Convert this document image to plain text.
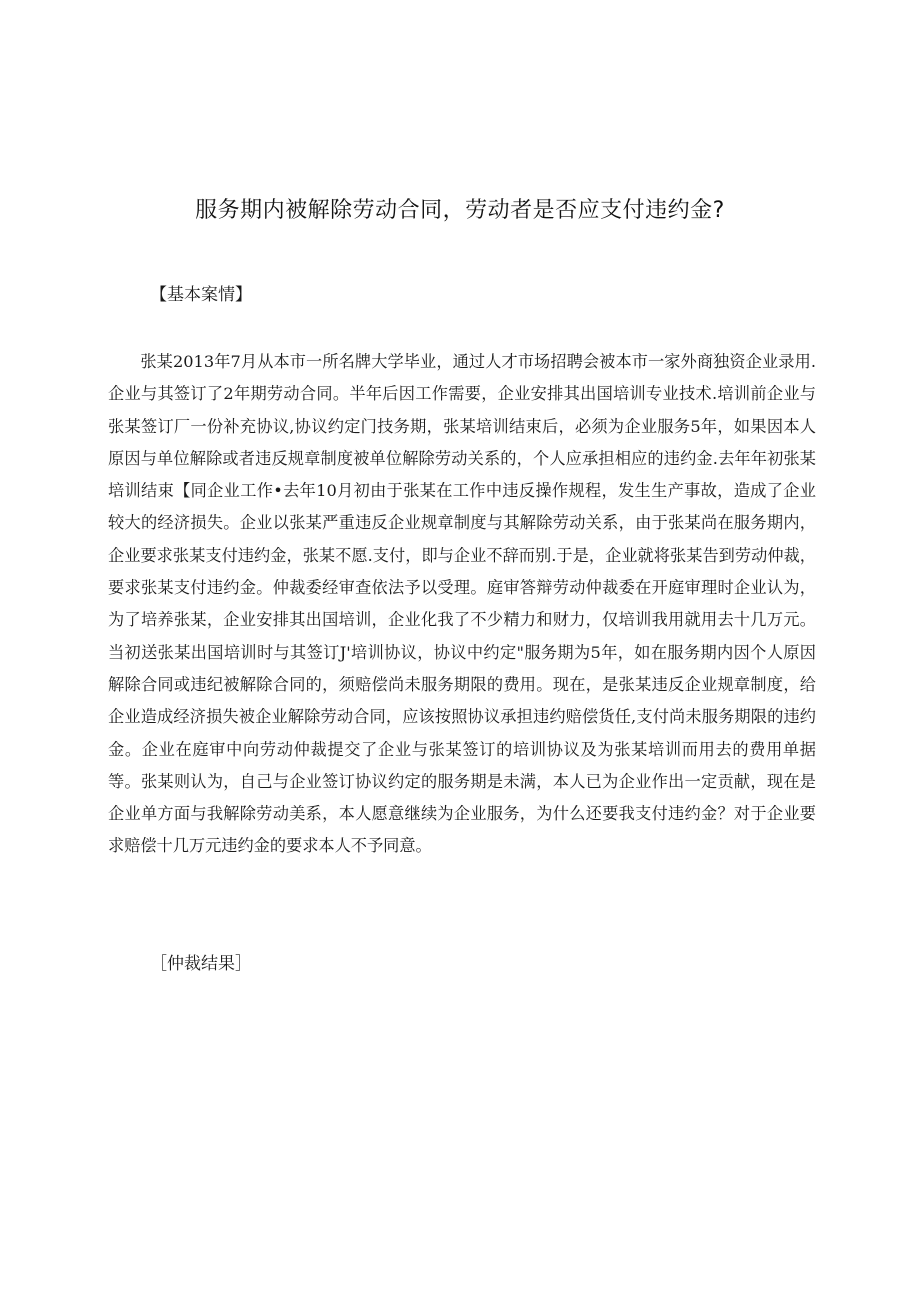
服务期内被解除劳动合同，劳动者是否应支付违约金?
【基本案情】

张某2013年7月从本市一所名牌大学毕业，通过人才市场招聘会被本市一家外商独资企业录用.企业与其签订了2年期劳动合同。半年后因工作需要，企业安排其出国培训专业技术.培训前企业与张某签订厂一份补充协议,协议约定门技务期，张某培训结束后，必须为企业服务5年，如果因本人原因与单位解除或者违反规章制度被单位解除劳动关系的，个人应承担相应的违约金.去年年初张某培训结束【同企业工作•去年10月初由于张某在工作中违反操作规程，发生生产事故，造成了企业较大的经济损失。企业以张某严重违反企业规章制度与其解除劳动关系，由于张某尚在服务期内，企业要求张某支付违约金，张某不愿.支付，即与企业不辞而别.于是，企业就将张某告到劳动仲裁，要求张某支付违约金。仲裁委经审查依法予以受理。庭审答辩劳动仲裁委在开庭审理时企业认为，为了培养张某，企业安排其出国培训，企业化我了不少精力和财力，仅培训我用就用去十几万元。当初送张某出国培训时与其签订J'培训协议，协议中约定"服务期为5年，如在服务期内因个人原因解除合同或违纪被解除合同的，须赔偿尚未服务期限的费用。现在，是张某违反企业规章制度，给企业造成经济损失被企业解除劳动合同，应该按照协议承担违约赔偿货任,支付尚未服务期限的违约金。企业在庭审中向劳动仲裁提交了企业与张某签订的培训协议及为张某培训而用去的费用单据等。张某则认为，自己与企业签订协议约定的服务期是未满，本人已为企业作出一定贡献，现在是企业单方面与我解除劳动美系，本人愿意继续为企业服务，为什么还要我支付违约金？对于企业要求赔偿十几万元违约金的要求本人不予同意。

［仲裁结果］
